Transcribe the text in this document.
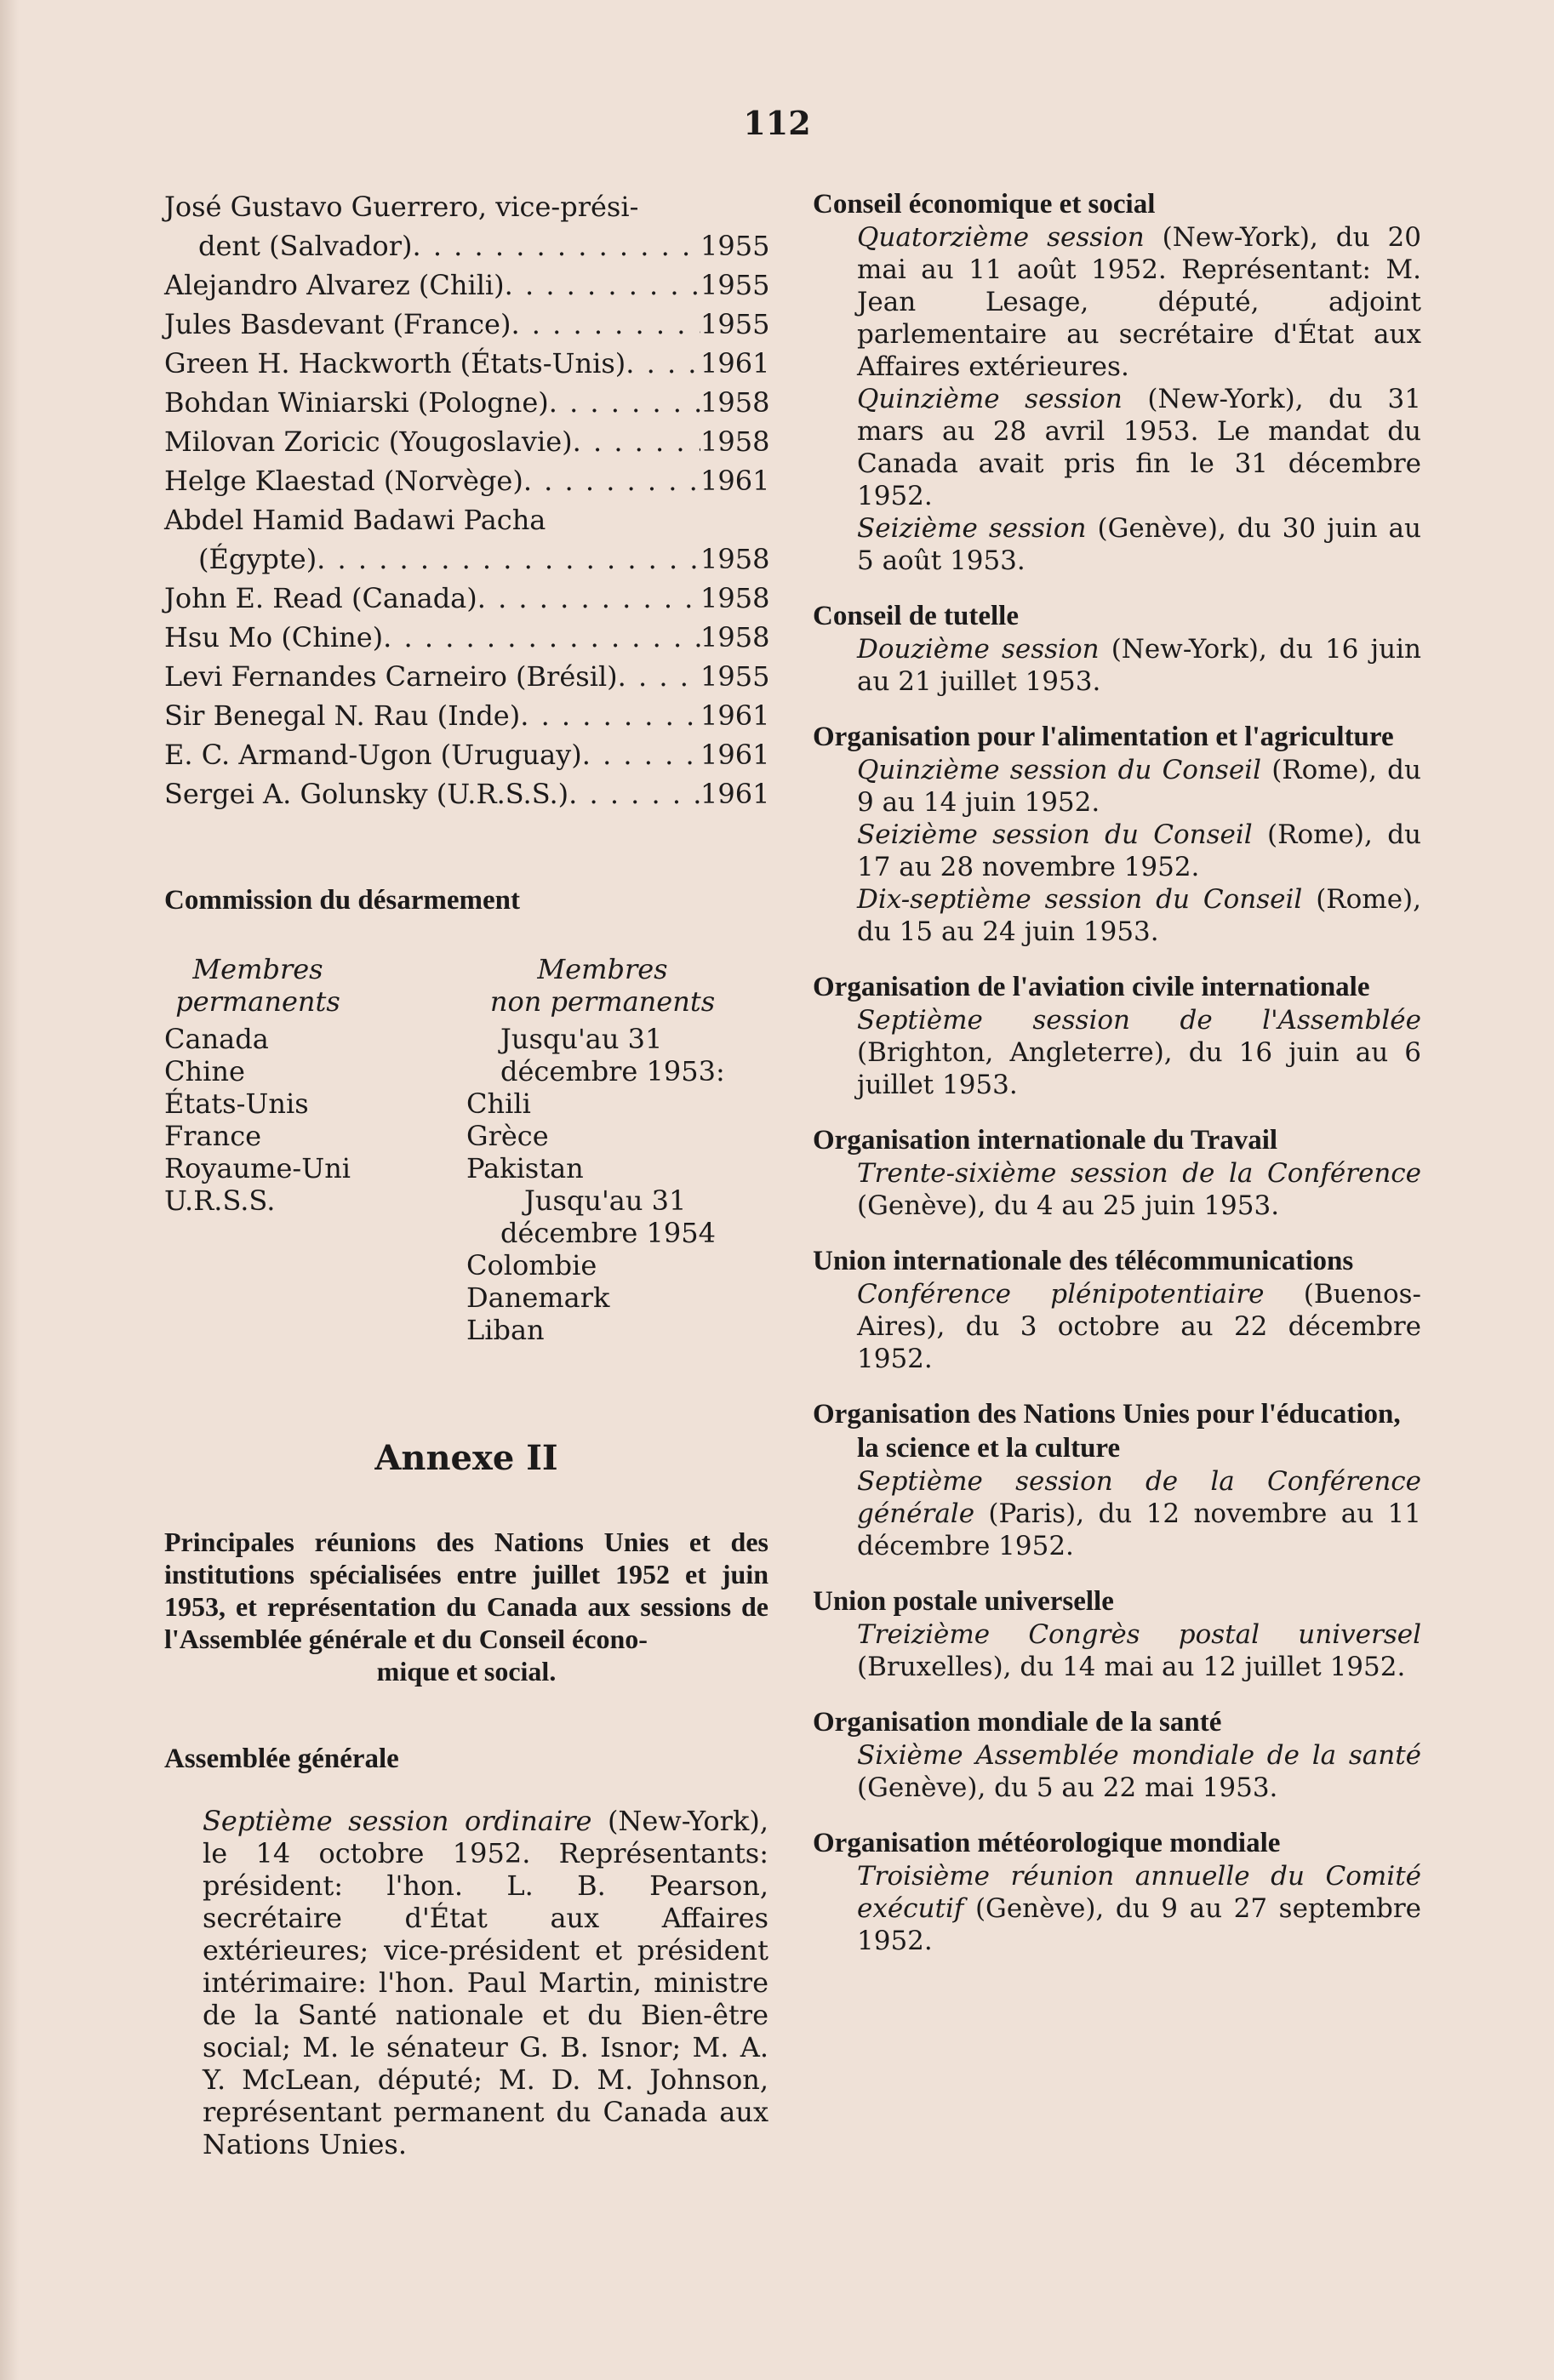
112
José Gustavo Guerrero, vice-prési-
dent (Salvador) . . .	1955
Alejandro Alvarez (Chili) . . .	1955
Jules Basdevant (France) . . .	1955
Green H. Hackworth (États-Unis) . . .	1961
Bohdan Winiarski (Pologne) . . .	1958
Milovan Zoricic (Yougoslavie) . . .	1958
Helge Klaestad (Norvège) . . .	1961
Abdel Hamid Badawi Pacha
(Égypte) . . .	1958
John E. Read (Canada) . . .	1958
Hsu Mo (Chine) . . .	1958
Levi Fernandes Carneiro (Brésil) . . .	1955
Sir Benegal N. Rau (Inde) . . .	1961
E. C. Armand-Ugon (Uruguay) . . .	1961
Sergei A. Golunsky (U.R.S.S.) . . .	1961
Commission du désarmement
Membres
permanents
Canada
Chine
États-Unis
France
Royaume-Uni
U.R.S.S.
Membres
non permanents
Jusqu'au 31
décembre 1953:
Chili
Grèce
Pakistan
Jusqu'au 31
décembre 1954
Colombie
Danemark
Liban
Annexe II
Principales réunions des Nations Unies et des institutions spécialisées entre juillet 1952 et juin 1953, et représentation du Canada aux sessions de l'Assemblée générale et du Conseil écono-
mique et social.
Assemblée générale
Septième session ordinaire (New-York), le 14 octobre 1952. Représentants: président: l'hon. L. B. Pearson, secrétaire d'État aux Affaires extérieures; vice-président et président intérimaire: l'hon. Paul Martin, ministre de la Santé nationale et du Bien-être social; M. le sénateur G. B. Isnor; M. A. Y. McLean, député; M. D. M. Johnson, représentant permanent du Canada aux Nations Unies.
Conseil économique et social
Quatorzième session (New-York), du 20 mai au 11 août 1952. Représentant: M. Jean Lesage, député, adjoint parlementaire au secrétaire d'État aux Affaires extérieures.
Quinzième session (New-York), du 31 mars au 28 avril 1953. Le mandat du Canada avait pris fin le 31 décembre 1952.
Seizième session (Genève), du 30 juin au 5 août 1953.
Conseil de tutelle
Douzième session (New-York), du 16 juin au 21 juillet 1953.
Organisation pour l'alimentation et l'agriculture
Quinzième session du Conseil (Rome), du 9 au 14 juin 1952.
Seizième session du Conseil (Rome), du 17 au 28 novembre 1952.
Dix-septième session du Conseil (Rome), du 15 au 24 juin 1953.
Organisation de l'aviation civile internationale
Septième session de l'Assemblée (Brighton, Angleterre), du 16 juin au 6 juillet 1953.
Organisation internationale du Travail
Trente-sixième session de la Conférence (Genève), du 4 au 25 juin 1953.
Union internationale des télécommunications
Conférence plénipotentiaire (Buenos-Aires), du 3 octobre au 22 décembre 1952.
Organisation des Nations Unies pour l'éducation, la science et la culture
Septième session de la Conférence générale (Paris), du 12 novembre au 11 décembre 1952.
Union postale universelle
Treizième Congrès postal universel (Bruxelles), du 14 mai au 12 juillet 1952.
Organisation mondiale de la santé
Sixième Assemblée mondiale de la santé (Genève), du 5 au 22 mai 1953.
Organisation météorologique mondiale
Troisième réunion annuelle du Comité exécutif (Genève), du 9 au 27 septembre 1952.
